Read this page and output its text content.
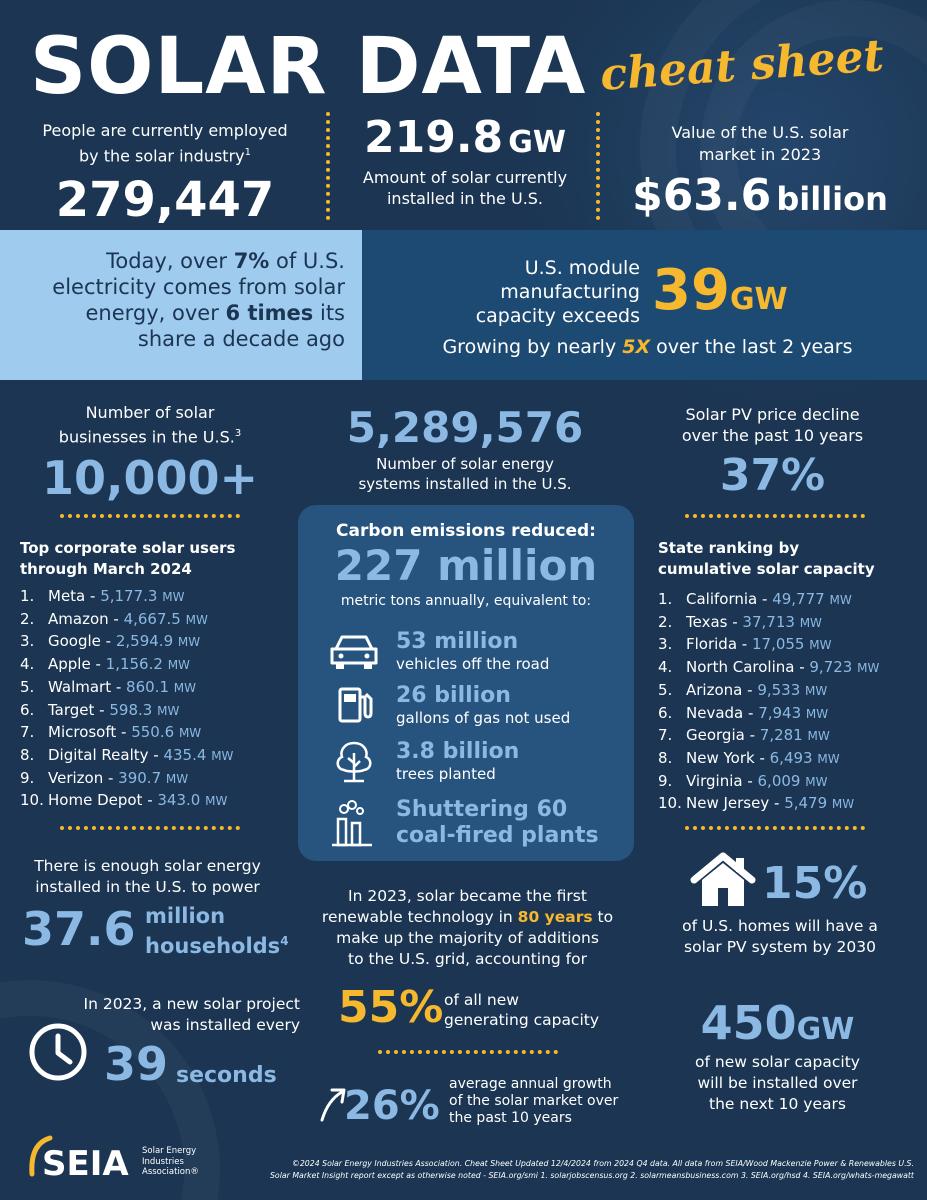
SOLAR DATA cheat sheet
People are currently employed
by the solar industry$^1$
279,447
219.8 GW
Amount of solar currently
installed in the U.S.
Value of the U.S. solar
market in 2023
$63.6 billion
Today, over 7% of U.S.
electricity comes from solar
energy, over 6 times its
share a decade ago
U.S. module
manufacturing
capacity exceeds 39GW
Growing by nearly 5X over the last 2 years
Number of solar
businesses in the U.S.$^3$
10,000+
5,289,576
Number of solar energy
systems installed in the U.S.
Solar PV price decline
over the past 10 years
37%
Top corporate solar users
through March 2024
1. Meta - 5,177.3 MW
2. Amazon - 4,667.5 MW
3. Google - 2,594.9 MW
4. Apple - 1,156.2 MW
5. Walmart - 860.1 MW
6. Target - 598.3 MW
7. Microsoft - 550.6 MW
8. Digital Realty - 435.4 MW
9. Verizon - 390.7 MW
10. Home Depot - 343.0 MW
Carbon emissions reduced:
227 million
metric tons annually, equivalent to:
53 million
vehicles off the road
26 billion
gallons of gas not used
3.8 billion
trees planted
Shuttering 60
coal-fired plants
State ranking by
cumulative solar capacity
1. California - 49,777 MW
2. Texas - 37,713 MW
3. Florida - 17,055 MW
4. North Carolina - 9,723 MW
5. Arizona - 9,533 MW
6. Nevada - 7,943 MW
7. Georgia - 7,281 MW
8. New York - 6,493 MW
9. Virginia - 6,009 MW
10. New Jersey - 5,479 MW
There is enough solar energy
installed in the U.S. to power
37.6 million
households$^4$
In 2023, solar became the first
renewable technology in 80 years to
make up the majority of additions
to the U.S. grid, accounting for
55% of all new
generating capacity
15%
of U.S. homes will have a
solar PV system by 2030
In 2023, a new solar project
was installed every
39 seconds
26% average annual growth
of the solar market over
the past 10 years
450GW
of new solar capacity
will be installed over
the next 10 years
SEIA Solar Energy
Industries
Association®
©2024 Solar Energy Industries Association. Cheat Sheet Updated 12/4/2024 from 2024 Q4 data. All data from SEIA/Wood Mackenzie Power & Renewables U.S.
Solar Market Insight report except as otherwise noted - SEIA.org/smi 1. solarjobscensus.org 2. solarmeansbusiness.com 3. SEIA.org/hsd 4. SEIA.org/whats-megawatt
